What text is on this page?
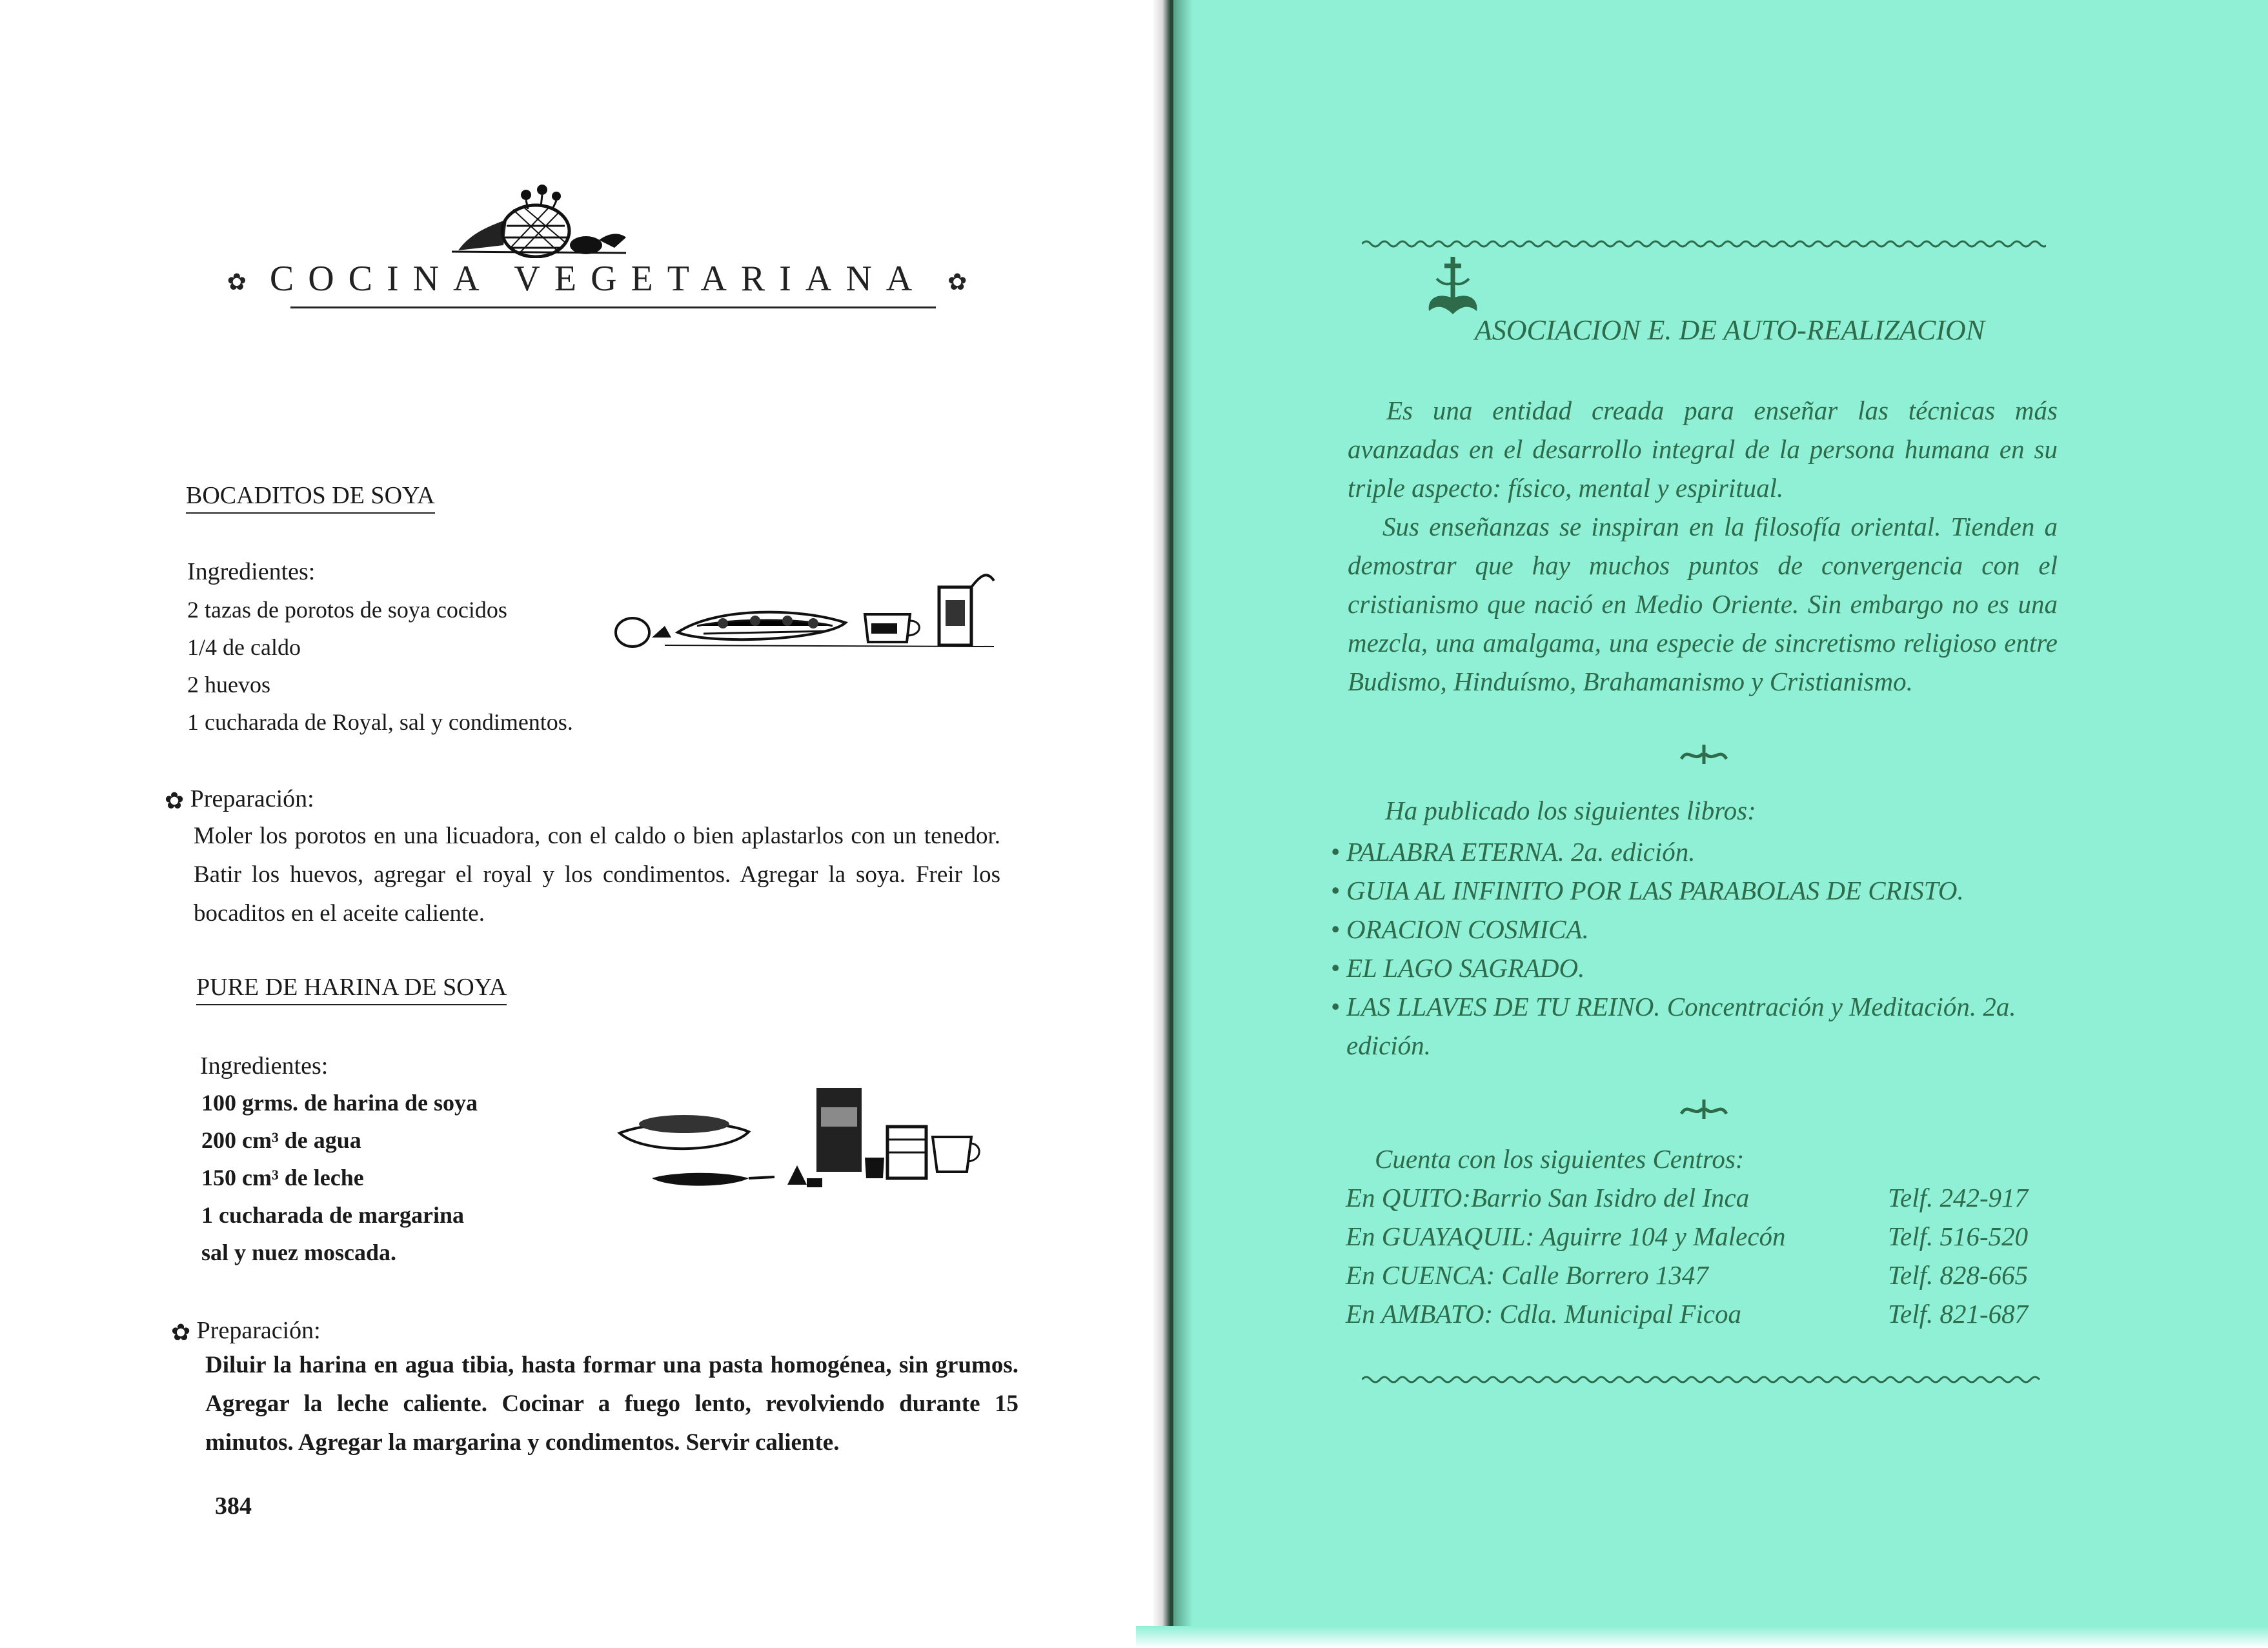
✿ COCINA VEGETARIANA ✿
BOCADITOS DE SOYA
Ingredientes:
2 tazas de porotos de soya cocidos
1/4 de caldo
2 huevos
1 cucharada de Royal, sal y condimentos.
✿ Preparación:
Moler los porotos en una licuadora, con el caldo o bien aplastarlos con un tenedor. Batir los huevos, agregar el royal y los condimentos. Agregar la soya. Freir los bocaditos en el aceite caliente.
PURE DE HARINA DE SOYA
Ingredientes:
100 grms. de harina de soya
200 cm³ de agua
150 cm³ de leche
1 cucharada de margarina
sal y nuez moscada.
✿ Preparación:
Diluir la harina en agua tibia, hasta formar una pasta homogénea, sin grumos. Agregar la leche caliente. Cocinar a fuego lento, revolviendo durante 15 minutos. Agregar la margarina y condimentos. Servir caliente.
384
ASOCIACION E. DE AUTO-REALIZACION
Es una entidad creada para enseñar las técnicas más avanzadas en el desarrollo integral de la persona humana en su triple aspecto: físico, mental y espiritual.
Sus enseñanzas se inspiran en la filosofía oriental. Tienden a demostrar que hay muchos puntos de convergencia con el cristianismo que nació en Medio Oriente. Sin embargo no es una mezcla, una amalgama, una especie de sincretismo religioso entre Budismo, Hinduísmo, Brahamanismo y Cristianismo.
Ha publicado los siguientes libros:
• PALABRA ETERNA. 2a. edición.
• GUIA AL INFINITO POR LAS PARABOLAS DE CRISTO.
• ORACION COSMICA.
• EL LAGO SAGRADO.
• LAS LLAVES DE TU REINO. Concentración y Meditación. 2a. edición.
Cuenta con los siguientes Centros:
En QUITO:Barrio San Isidro del Inca	Telf. 242-917
En GUAYAQUIL: Aguirre 104 y Malecón	Telf. 516-520
En CUENCA: Calle Borrero 1347	Telf. 828-665
En AMBATO: Cdla. Municipal Ficoa	Telf. 821-687
